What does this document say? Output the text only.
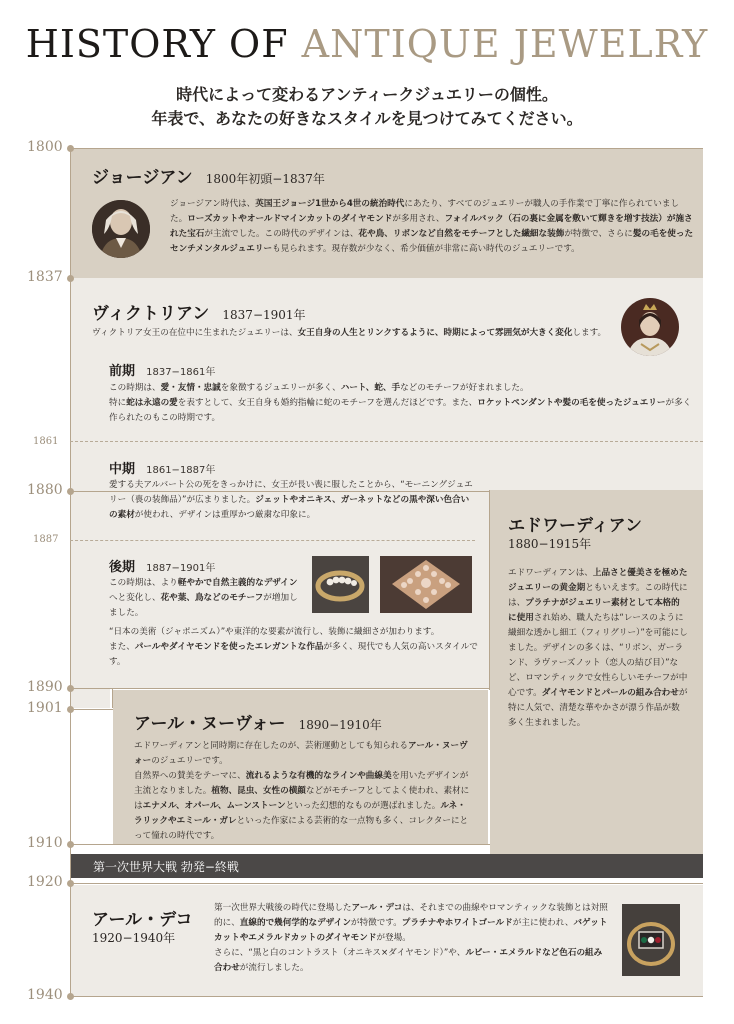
HISTORY OF ANTIQUE JEWELRY
時代によって変わるアンティークジュエリーの個性。
年表で、あなたの好きなスタイルを見つけてみてください。
1800
1837
1861
1880
1887
1890
1901
1910
1920
1940
ジョージアン 1800年初頭−1837年
ジョージアン時代は、英国王ジョージ1世から4世の統治時代にあたり、すべてのジュエリーが職人の手作業で丁寧に作られていました。ローズカットやオールドマインカットのダイヤモンドが多用され、フォイルバック（石の裏に金属を敷いて輝きを増す技法）が施された宝石が主流でした。この時代のデザインは、花や鳥、リボンなど自然をモチーフとした繊細な装飾が特徴で、さらに髪の毛を使ったセンチメンタルジュエリーも見られます。現存数が少なく、希少価値が非常に高い時代のジュエリーです。
ヴィクトリアン 1837−1901年
ヴィクトリア女王の在位中に生まれたジュエリーは、女王自身の人生とリンクするように、時期によって雰囲気が大きく変化します。
前期 1837−1861年
この時期は、愛・友情・忠誠を象徴するジュエリーが多く、ハート、蛇、手などのモチーフが好まれました。
特に蛇は永遠の愛を表すとして、女王自身も婚約指輪に蛇のモチーフを選んだほどです。また、ロケットペンダントや髪の毛を使ったジュエリーが多く作られたのもこの時期です。
中期 1861−1887年
愛する夫アルバート公の死をきっかけに、女王が長い喪に服したことから、“モーニングジュエリー（喪の装飾品）”が広まりました。ジェットやオニキス、ガーネットなどの黒や深い色合いの素材が使われ、デザインは重厚かつ厳粛な印象に。
後期 1887−1901年
この時期は、より軽やかで自然主義的なデザインへと変化し、花や葉、鳥などのモチーフが増加しました。
“日本の美術（ジャポニズム）”や東洋的な要素が流行し、装飾に繊細さが加わります。
また、パールやダイヤモンドを使ったエレガントな作品が多く、現代でも人気の高いスタイルです。
エドワーディアン
1880−1915年
エドワーディアンは、上品さと優美さを極めたジュエリーの黄金期ともいえます。この時代には、プラチナがジュエリー素材として本格的に使用され始め、職人たちは“レースのように繊細な透かし細工（フィリグリー）”を可能にしました。デザインの多くは、“リボン、ガーランド、ラヴァーズノット（恋人の結び目）”など、ロマンティックで女性らしいモチーフが中心です。ダイヤモンドとパールの組み合わせが特に人気で、清楚な華やかさが漂う作品が数多く生まれました。
アール・ヌーヴォー 1890−1910年
エドワーディアンと同時期に存在したのが、芸術運動としても知られるアール・ヌーヴォーのジュエリーです。
自然界への賛美をテーマに、流れるような有機的なラインや曲線美を用いたデザインが主流となりました。植物、昆虫、女性の横顔などがモチーフとしてよく使われ、素材にはエナメル、オパール、ムーンストーンといった幻想的なものが選ばれました。ルネ・ラリックやエミール・ガレといった作家による芸術的な一点物も多く、コレクターにとって憧れの時代です。
第一次世界大戦 勃発−終戦
アール・デコ
1920−1940年
第一次世界大戦後の時代に登場したアール・デコは、それまでの曲線やロマンティックな装飾とは対照的に、直線的で幾何学的なデザインが特徴です。プラチナやホワイトゴールドが主に使われ、バゲットカットやエメラルドカットのダイヤモンドが登場。
さらに、“黒と白のコントラスト（オニキス×ダイヤモンド）”や、ルビー・エメラルドなど色石の組み合わせが流行しました。
